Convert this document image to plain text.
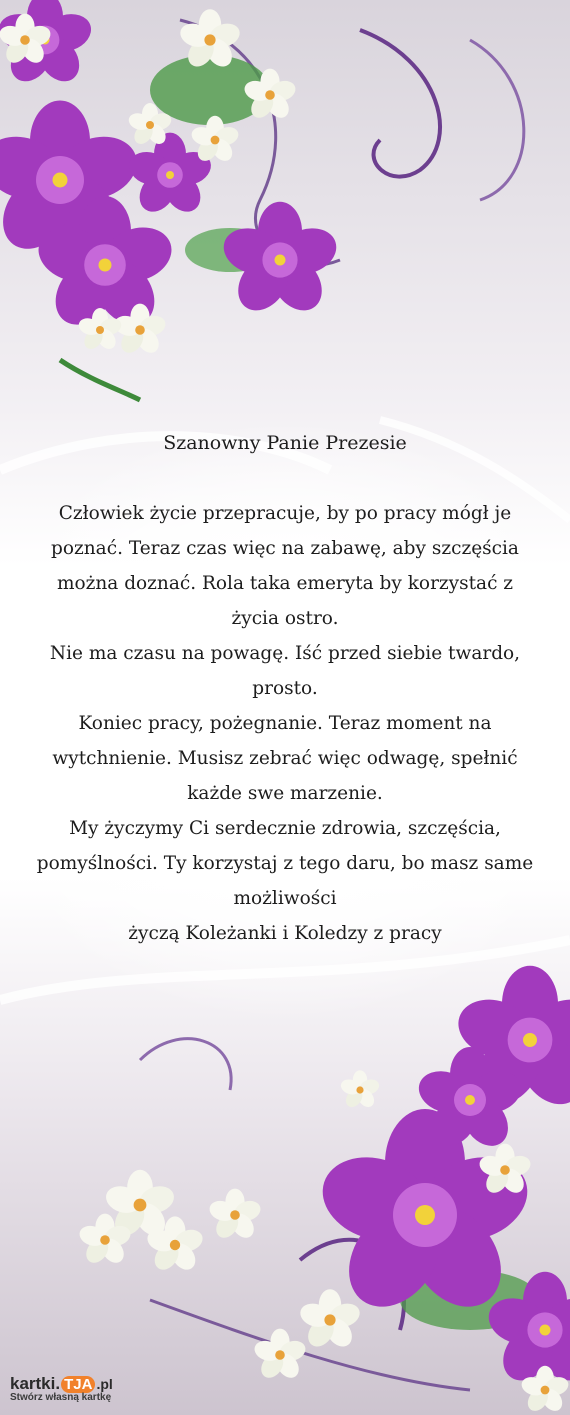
Szanowny Panie Prezesie

Człowiek życie przepracuje, by po pracy mógł je

poznać. Teraz czas więc na zabawę, aby szczęścia

można doznać. Rola taka emeryta by korzystać z

życia ostro.

Nie ma czasu na powagę. Iść przed siebie twardo,

prosto.

Koniec pracy, pożegnanie. Teraz moment na

wytchnienie. Musisz zebrać więc odwagę, spełnić

każde swe marzenie.

My życzymy Ci serdecznie zdrowia, szczęścia,

pomyślności. Ty korzystaj z tego daru, bo masz same

możliwości

życzą Koleżanki i Koledzy z pracy

kartki. TJA .pl
Stwórz własną kartkę
